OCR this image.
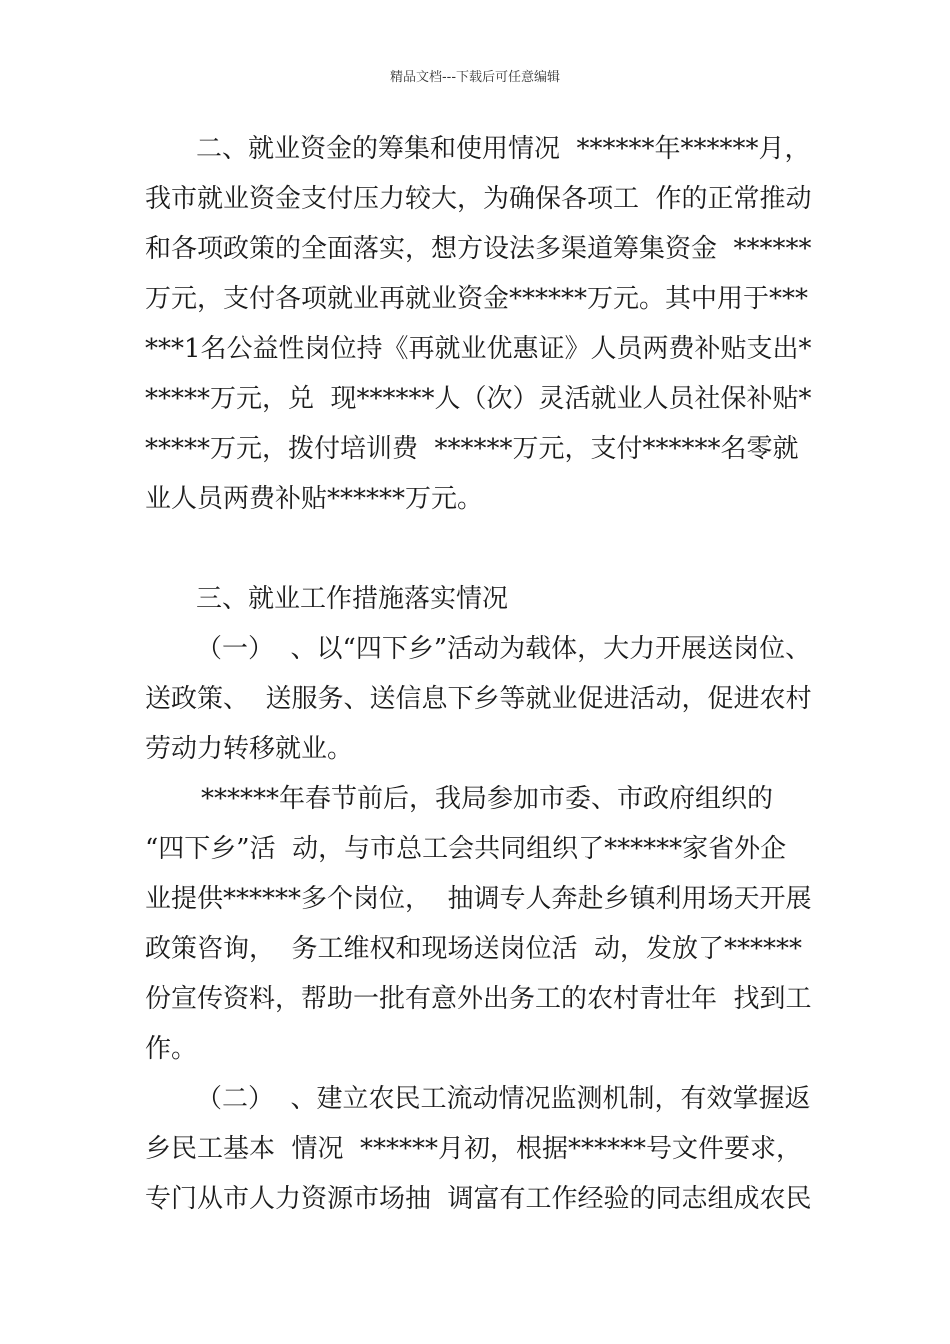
精品文档---下载后可任意编辑
二、就业资金的筹集和使用情况  ******年******月，
我市就业资金支付压力较大，为确保各项工  作的正常推动
和各项政策的全面落实，想方设法多渠道筹集资金  ******
万元，支付各项就业再就业资金******万元。其中用于***
***1名公益性岗位持《再就业优惠证》人员两费补贴支出*
*****万元，兑  现******人（次）灵活就业人员社保补贴*
*****万元，拨付培训费  ******万元，支付******名零就
业人员两费补贴******万元。
三、就业工作措施落实情况
（一）  、以“四下乡”活动为载体，大力开展送岗位、
送政策、  送服务、送信息下乡等就业促进活动，促进农村
劳动力转移就业。
******年春节前后，我局参加市委、市政府组织的
“四下乡”活  动，与市总工会共同组织了******家省外企
业提供******多个岗位，  抽调专人奔赴乡镇利用场天开展
政策咨询，  务工维权和现场送岗位活  动，发放了******
份宣传资料，帮助一批有意外出务工的农村青壮年  找到工
作。
（二）  、建立农民工流动情况监测机制，有效掌握返
乡民工基本  情况  ******月初，根据******号文件要求，
专门从市人力资源市场抽  调富有工作经验的同志组成农民
